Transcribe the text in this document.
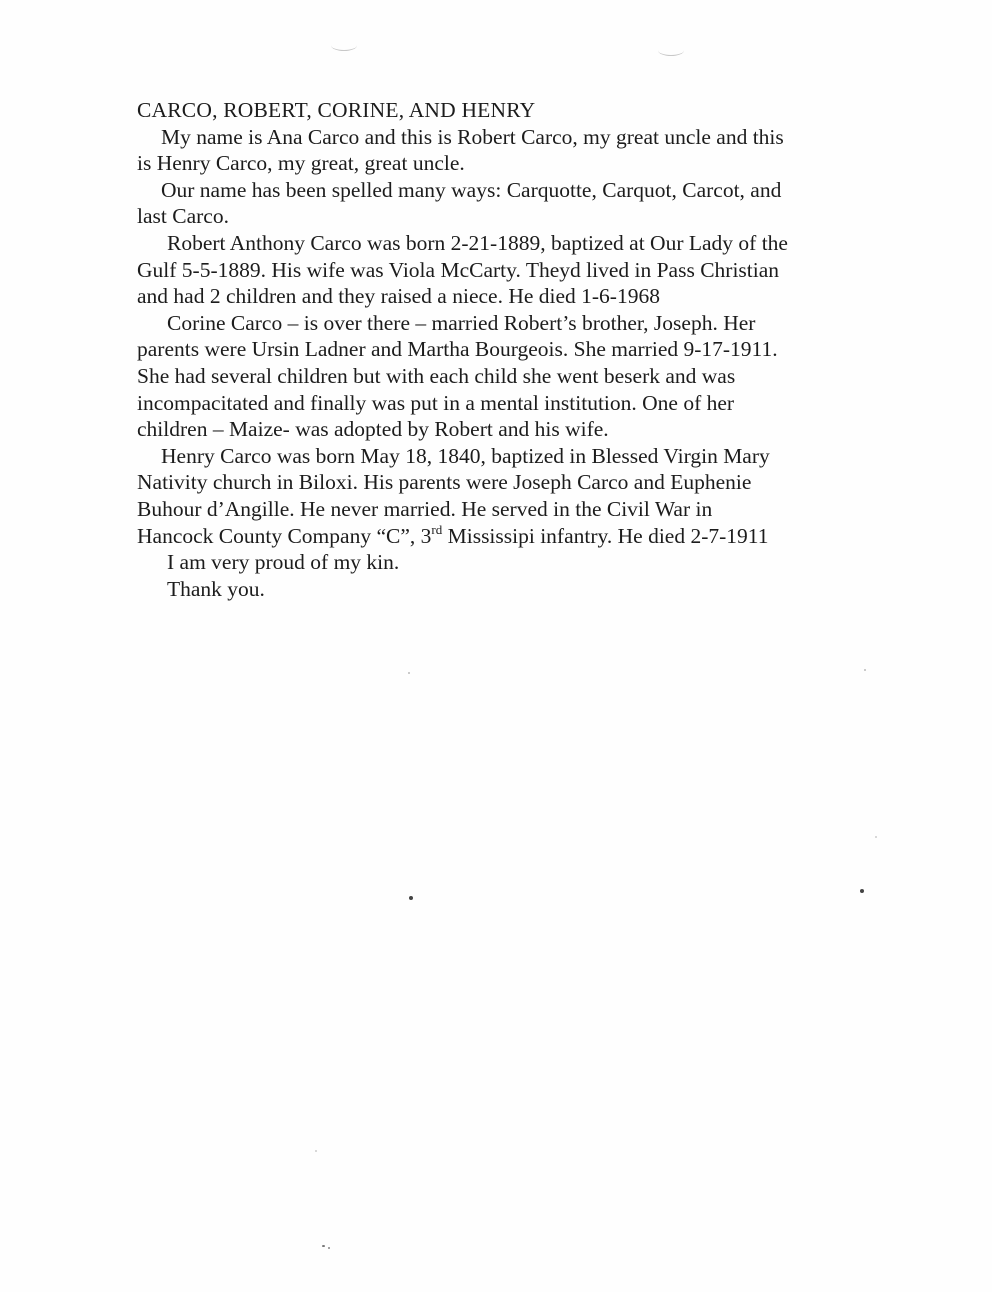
CARCO, ROBERT, CORINE, AND HENRY

My name is Ana Carco and this is Robert Carco, my great uncle and this
is Henry Carco, my great, great uncle.

Our name has been spelled many ways: Carquotte, Carquot, Carcot, and
last Carco.

Robert Anthony Carco was born 2-21-1889, baptized at Our Lady of the
Gulf 5-5-1889. His wife was Viola McCarty. Theyd lived in Pass Christian
and had 2 children and they raised a niece. He died 1-6-1968

Corine Carco – is over there – married Robert’s brother, Joseph. Her
parents were Ursin Ladner and Martha Bourgeois. She married 9-17-1911.
She had several children but with each child she went beserk and was
incompacitated and finally was put in a mental institution. One of her
children – Maize- was adopted by Robert and his wife.

Henry Carco was born May 18, 1840, baptized in Blessed Virgin Mary
Nativity church in Biloxi. His parents were Joseph Carco and Euphenie
Buhour d’Angille. He never married. He served in the Civil War in
Hancock County Company “C”, 3rd Mississipi infantry. He died 2-7-1911

I am very proud of my kin.

Thank you.
